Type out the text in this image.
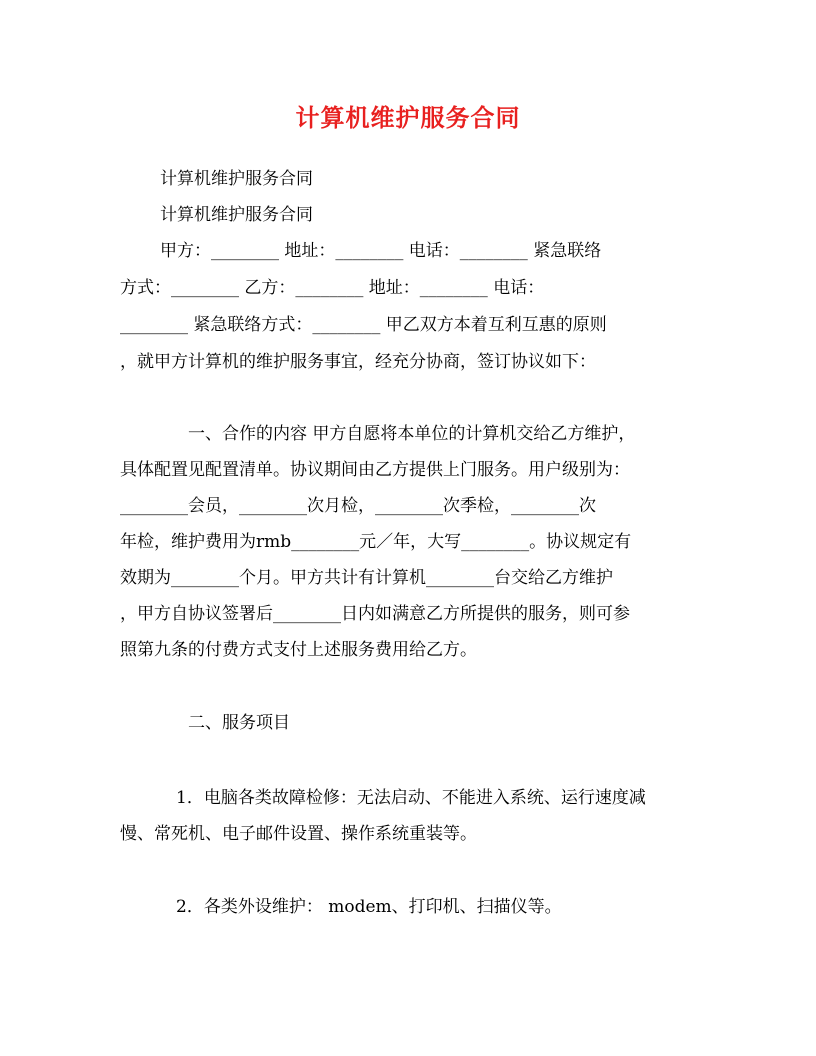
计算机维护服务合同
计算机维护服务合同
计算机维护服务合同
甲方：________ 地址：________ 电话：________ 紧急联络
方式：________ 乙方：________ 地址：________ 电话：
________ 紧急联络方式：________ 甲乙双方本着互利互惠的原则
，就甲方计算机的维护服务事宜，经充分协商，签订协议如下：
一、合作的内容 甲方自愿将本单位的计算机交给乙方维护，
具体配置见配置清单。协议期间由乙方提供上门服务。用户级别为：
________会员，________次月检，________次季检，________次
年检，维护费用为rmb________元／年，大写________。协议规定有
效期为________个月。甲方共计有计算机________台交给乙方维护
，甲方自协议签署后________日内如满意乙方所提供的服务，则可参
照第九条的付费方式支付上述服务费用给乙方。
二、服务项目
1．电脑各类故障检修：无法启动、不能进入系统、运行速度减
慢、常死机、电子邮件设置、操作系统重装等。
2．各类外设维护： modem、打印机、扫描仪等。
